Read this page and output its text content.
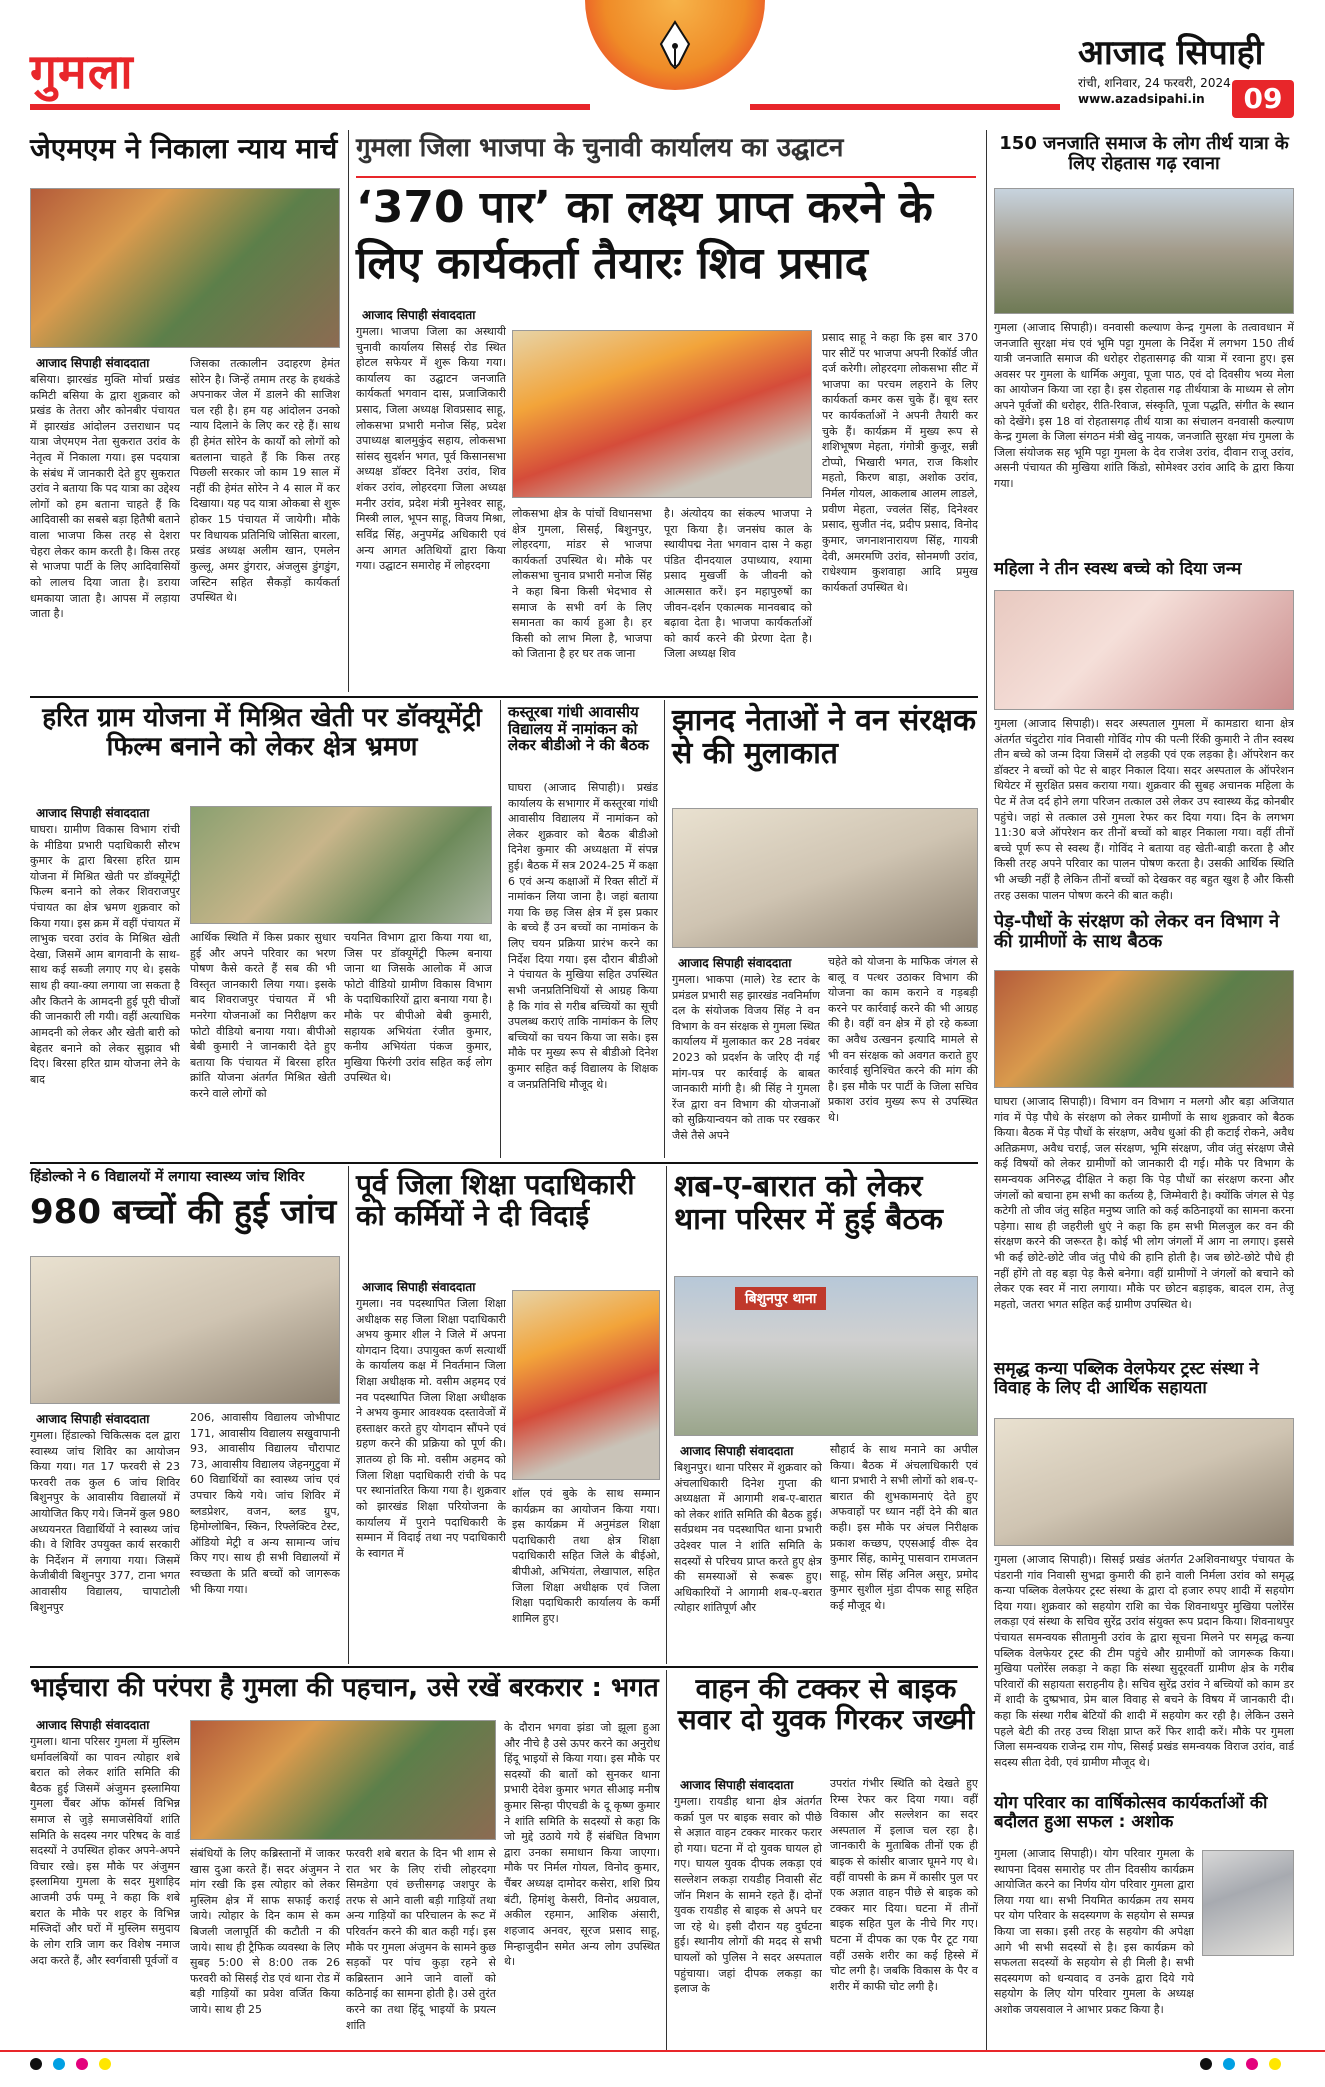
गुमला	आजाद सिपाही
रांची, शनिवार, 24 फरवरी, 2024
www.azadsipahi.in	09
जेएमएम ने निकाला न्याय मार्च
आजाद सिपाही संवाददाता
बसिया। झारखंड मुक्ति मोर्चा प्रखंड कमिटी बसिया के द्वारा शुक्रवार को प्रखंड के तेतरा और कोनबीर पंचायत में झारखंड आंदोलन उत्तराधान पद यात्रा जेएमएम नेता सुकरात उरांव के नेतृत्व में निकाला गया। इस पदयात्रा के संबंध में जानकारी देते हुए सुकरात उरांव ने बताया कि पद यात्रा का उद्देश्य लोगों को हम बताना चाहते हैं कि आदिवासी का सबसे बड़ा हितैषी बताने वाला भाजपा किस तरह से देशरा चेहरा लेकर काम करती है। किस तरह से भाजपा पार्टी के लिए आदिवासियों को लालच दिया जाता है। डराया धमकाया जाता है। आपस में लड़ाया जाता है।
जिसका तत्कालीन उदाहरण हेमंत सोरेन है। जिन्हें तमाम तरह के हथकंडे अपनाकर जेल में डालने की साजिश चल रही है। हम यह आंदोलन उनको न्याय दिलाने के लिए कर रहे हैं। साथ ही हेमंत सोरेन के कार्यों को लोगों को बतलाना चाहते हैं कि किस तरह पिछली सरकार जो काम 19 साल में नहीं की हेमंत सोरेन ने 4 साल में कर दिखाया। यह पद यात्रा ओकबा से शुरू होकर 15 पंचायत में जायेगी। मौके पर विधायक प्रतिनिधि जोसिता बारला, प्रखंड अध्यक्ष अलीम खान, एमलेन कुल्लू, अमर डुंगरार, अंजलुस डुंगडुंग, जस्टिन सहित सैकड़ों कार्यकर्ता उपस्थित थे।
गुमला जिला भाजपा के चुनावी कार्यालय का उद्घाटन
‘370 पार’ का लक्ष्य प्राप्त करने के
लिए कार्यकर्ता तैयारः शिव प्रसाद
आजाद सिपाही संवाददाता
गुमला। भाजपा जिला का अस्थायी चुनावी कार्यालय सिसई रोड स्थित होटल सफेयर में शुरू किया गया। कार्यालय का उद्घाटन जनजाति कार्यकर्ता भगवान दास, प्रजाजिकारी प्रसाद, जिला अध्यक्ष शिवप्रसाद साहू, लोकसभा प्रभारी मनोज सिंह, प्रदेश उपाध्यक्ष बालमुकुंद सहाय, लोकसभा सांसद सुदर्शन भगत, पूर्व किसानसभा अध्यक्ष डॉक्टर दिनेश उरांव, शिव शंकर उरांव, लोहरदगा जिला अध्यक्ष मनीर उरांव, प्रदेश मंत्री मुनेश्वर साहू, मिस्त्री लाल, भूपन साहू, विजय मिश्रा, सविंद्र सिंह, अनुपमेंद्र अधिकारी एवं अन्य आगत अतिथियों द्वारा किया गया। उद्घाटन समारोह में लोहरदगा
लोकसभा क्षेत्र के पांचों विधानसभा क्षेत्र गुमला, सिसई, बिशुनपुर, लोहरदगा, मांडर से भाजपा कार्यकर्ता उपस्थित थे। मौके पर लोकसभा चुनाव प्रभारी मनोज सिंह ने कहा बिना किसी भेदभाव से समाज के सभी वर्ग के लिए समानता का कार्य हुआ है। हर किसी को लाभ मिला है, भाजपा को जिताना है हर घर तक जाना
है। अंत्योदय का संकल्प भाजपा ने पूरा किया है। जनसंघ काल के स्थायीपद्म नेता भगवान दास ने कहा पंडित दीनदयाल उपाध्याय, श्यामा प्रसाद मुखर्जी के जीवनी को आत्मसात करें। इन महापुरुषों का जीवन-दर्शन एकात्मक मानवबाद को बढ़ावा देता है। भाजपा कार्यकर्ताओं को कार्य करने की प्रेरणा देता है। जिला अध्यक्ष शिव
प्रसाद साहू ने कहा कि इस बार 370 पार सीटें पर भाजपा अपनी रिकॉर्ड जीत दर्ज करेगी। लोहरदगा लोकसभा सीट में भाजपा का परचम लहराने के लिए कार्यकर्ता कमर कस चुके हैं। बूथ स्तर पर कार्यकर्ताओं ने अपनी तैयारी कर चुके हैं। कार्यक्रम में मुख्य रूप से शशिभूषण मेहता, गंगोत्री कुजूर, सन्नी टोप्पो, भिखारी भगत, राज किशोर महतो, किरण बाड़ा, अशोक उरांव, निर्मल गोयल, आकलाब आलम लाडले, प्रवीण मेहता, ज्वलंत सिंह, दिनेश्वर प्रसाद, सुजीत नंद, प्रदीप प्रसाद, विनोद कुमार, जगनाशनारायण सिंह, गायत्री देवी, अमरमणि उरांव, सोनमणी उरांव, राधेश्याम कुशवाहा आदि प्रमुख कार्यकर्ता उपस्थित थे।
150 जनजाति समाज के लोग तीर्थ यात्रा के लिए रोहतास गढ़ रवाना
गुमला (आजाद सिपाही)। वनवासी कल्याण केन्द्र गुमला के तत्वावधान में जनजाति सुरक्षा मंच एवं भूमि पट्टा गुमला के निर्देश में लगभग 150 तीर्थ यात्री जनजाति समाज की धरोहर रोहतासगढ़ की यात्रा में रवाना हुए। इस अवसर पर गुमला के धार्मिक अगुवा, पूजा पाठ, एवं दो दिवसीय भव्य मेला का आयोजन किया जा रहा है। इस रोहतास गढ़ तीर्थयात्रा के माध्यम से लोग अपने पूर्वजों की धरोहर, रीति-रिवाज, संस्कृति, पूजा पद्धति, संगीत के स्थान को देखेंगे। इस 18 वां रोहतासगढ़ तीर्थ यात्रा का संचालन वनवासी कल्याण केन्द्र गुमला के जिला संगठन मंत्री खेदु नायक, जनजाति सुरक्षा मंच गुमला के जिला संयोजक सह भूमि पट्टा गुमला के देव राजेश उरांव, दीवान राजू उरांव, असनी पंचायत की मुखिया शांति किंडो, सोमेश्वर उरांव आदि के द्वारा किया गया।
महिला ने तीन स्वस्थ बच्चे को दिया जन्म
गुमला (आजाद सिपाही)। सदर अस्पताल गुमला में कामडारा थाना क्षेत्र अंतर्गत चंदुटोरा गांव निवासी गोविंद गोप की पत्नी रिंकी कुमारी ने तीन स्वस्थ तीन बच्चे को जन्म दिया जिसमें दो लड़की एवं एक लड़का है। ऑपरेशन कर डॉक्टर ने बच्चों को पेट से बाहर निकाल दिया। सदर अस्पताल के ऑपरेशन थियेटर में सुरक्षित प्रसव कराया गया। शुक्रवार की सुबह अचानक महिला के पेट में तेज दर्द होने लगा परिजन तत्काल उसे लेकर उप स्वास्थ्य केंद्र कोनबीर पहुंचे। जहां से तत्काल उसे गुमला रेफर कर दिया गया। दिन के लगभग 11:30 बजे ऑपरेशन कर तीनों बच्चों को बाहर निकाला गया। वहीं तीनों बच्चे पूर्ण रूप से स्वस्थ हैं। गोविंद ने बताया वह खेती-बाड़ी करता है और किसी तरह अपने परिवार का पालन पोषण करता है। उसकी आर्थिक स्थिति भी अच्छी नहीं है लेकिन तीनों बच्चों को देखकर वह बहुत खुश है और किसी तरह उसका पालन पोषण करने की बात कही।
पेड़-पौधों के संरक्षण को लेकर वन विभाग ने की ग्रामीणों के साथ बैठक
घाघरा (आजाद सिपाही)। विभाग वन विभाग न मलगो और बड़ा अजियात गांव में पेड़ पौधे के संरक्षण को लेकर ग्रामीणों के साथ शुक्रवार को बैठक किया। बैठक में पेड़ पौधों के संरक्षण, अवैध धुआं की ही कटाई रोकने, अवैध अतिक्रमण, अवैध चराई, जल संरक्षण, भूमि संरक्षण, जीव जंतु संरक्षण जैसे कई विषयों को लेकर ग्रामीणों को जानकारी दी गई। मौके पर विभाग के समन्वयक अनिरुद्ध दीक्षित ने कहा कि पेड़ पौधों का संरक्षण करना और जंगलों को बचाना हम सभी का कर्तव्य है, जिम्मेवारी है। क्योंकि जंगल से पेड़ कटेगी तो जीव जंतु सहित मनुष्य जाति को कई कठिनाइयों का सामना करना पड़ेगा। साथ ही जहरीली धुएं ने कहा कि हम सभी मिलजुल कर वन की संरक्षण करने की जरूरत है। कोई भी लोग जंगलों में आग ना लगाए। इससे भी कई छोटे-छोटे जीव जंतु पौधे की हानि होती है। जब छोटे-छोटे पौधे ही नहीं होंगे तो वह बड़ा पेड़ कैसे बनेगा। वहीं ग्रामीणों ने जंगलों को बचाने को लेकर एक स्वर में नारा लगाया। मौके पर छोटन बड़ाइक, बादल राम, तेजू महतो, जतरा भगत सहित कई ग्रामीण उपस्थित थे।
समृद्ध कन्या पब्लिक वेलफेयर ट्रस्ट संस्था ने विवाह के लिए दी आर्थिक सहायता
गुमला (आजाद सिपाही)। सिसई प्रखंड अंतर्गत 2अशिवनाथपुर पंचायत के पंडरानी गांव निवासी सुभद्रा कुमारी की हाने वाली निर्मला उरांव को समृद्ध कन्या पब्लिक वेलफेयर ट्रस्ट संस्था के द्वारा दो हजार रुपए शादी में सहयोग दिया गया। शुक्रवार को सहयोग राशि का चेक शिवनाथपुर मुखिया पलोरेंस लकड़ा एवं संस्था के सचिव सुरेंद्र उरांव संयुक्त रूप प्रदान किया। शिवनाथपुर पंचायत समन्वयक सीतामुनी उरांव के द्वारा सूचना मिलने पर समृद्ध कन्या पब्लिक वेलफेयर ट्रस्ट की टीम पहुंचे और ग्रामीणों को जागरूक किया। मुखिया पलोरेंस लकड़ा ने कहा कि संस्था सुदूरवर्ती ग्रामीण क्षेत्र के गरीब परिवारों की सहायता सराहनीय है। सचिव सुरेंद्र उरांव ने बच्चियों को काम डर में शादी के दुष्प्रभाव, प्रेम बाल विवाह से बचने के विषय में जानकारी दी। कहा कि संस्था गरीब बेटियों की शादी में सहयोग कर रही है। लेकिन उसने पहले बेटी की तरह उच्च शिक्षा प्राप्त करें फिर शादी करें। मौके पर गुमला जिला समन्वयक राजेन्द्र राम गोप, सिसई प्रखंड समन्वयक विराज उरांव, वार्ड सदस्य सीता देवी, एवं ग्रामीण मौजूद थे।
योग परिवार का वार्षिकोत्सव कार्यकर्ताओं की बदौलत हुआ सफल : अशोक
गुमला (आजाद सिपाही)। योग परिवार गुमला के स्थापना दिवस समारोह पर तीन दिवसीय कार्यक्रम आयोजित करने का निर्णय योग परिवार गुमला द्वारा लिया गया था। सभी नियमित कार्यक्रम तय समय पर योग परिवार के सदस्यगण के सहयोग से सम्पन्न किया जा सका। इसी तरह के सहयोग की अपेक्षा आगे भी सभी सदस्यों से है। इस कार्यक्रम को सफलता सदस्यों के सहयोग से ही मिली है। सभी सदस्यगण को धन्यवाद व उनके द्वारा दिये गये सहयोग के लिए योग परिवार गुमला के अध्यक्ष अशोक जयसवाल ने आभार प्रकट किया है।
हरित ग्राम योजना में मिश्रित खेती पर डॉक्यूमेंट्री फिल्म बनाने को लेकर क्षेत्र भ्रमण
आजाद सिपाही संवाददाता
घाघरा। ग्रामीण विकास विभाग रांची के मीडिया प्रभारी पदाधिकारी सौरभ कुमार के द्वारा बिरसा हरित ग्राम योजना में मिश्रित खेती पर डॉक्यूमेंट्री फिल्म बनाने को लेकर शिवराजपुर पंचायत का क्षेत्र भ्रमण शुक्रवार को किया गया। इस क्रम में वहीं पंचायत में लाभुक चरवा उरांव के मिश्रित खेती देखा, जिसमें आम बागवानी के साथ-साथ कई सब्जी लगाए गए थे। इसके साथ ही क्या-क्या लगाया जा सकता है और कितने के आमदनी हुई पूरी चीजों की जानकारी ली गयी। वहीं अत्याधिक आमदनी को लेकर और खेती बारी को बेहतर बनाने को लेकर सुझाव भी दिए। बिरसा हरित ग्राम योजना लेने के बाद
आर्थिक स्थिति में किस प्रकार सुधार हुई और अपने परिवार का भरण पोषण कैसे करते हैं सब की भी विस्तृत जानकारी लिया गया। इसके बाद शिवराजपुर पंचायत में भी मनरेगा योजनाओं का निरीक्षण कर फोटो वीडियो बनाया गया। बीपीओ बेबी कुमारी ने जानकारी देते हुए बताया कि पंचायत में बिरसा हरित क्रांति योजना अंतर्गत मिश्रित खेती करने वाले लोगों को
चयनित विभाग द्वारा किया गया था, जिस पर डॉक्यूमेंट्री फिल्म बनाया जाना था जिसके आलोक में आज फोटो वीडियो ग्रामीण विकास विभाग के पदाधिकारियों द्वारा बनाया गया है। मौके पर बीपीओ बेबी कुमारी, सहायक अभियंता रंजीत कुमार, कनीय अभियंता पंकज कुमार, मुखिया फिरंगी उरांव सहित कई लोग उपस्थित थे।
कस्तूरबा गांधी आवासीय विद्यालय में नामांकन को लेकर बीडीओ ने की बैठक
घाघरा (आजाद सिपाही)। प्रखंड कार्यालय के सभागार में कस्तूरबा गांधी आवासीय विद्यालय में नामांकन को लेकर शुक्रवार को बैठक बीडीओ दिनेश कुमार की अध्यक्षता में संपन्न हुई। बैठक में सत्र 2024-25 में कक्षा 6 एवं अन्य कक्षाओं में रिक्त सीटों में नामांकन लिया जाना है। जहां बताया गया कि छह जिस क्षेत्र में इस प्रकार के बच्चे हैं उन बच्चों का नामांकन के लिए चयन प्रक्रिया प्रारंभ करने का निर्देश दिया गया। इस दौरान बीडीओ ने पंचायत के मुखिया सहित उपस्थित सभी जनप्रतिनिधियों से आग्रह किया है कि गांव से गरीब बच्चियों का सूची उपलब्ध कराएं ताकि नामांकन के लिए बच्चियों का चयन किया जा सके। इस मौके पर मुख्य रूप से बीडीओ दिनेश कुमार सहित कई विद्यालय के शिक्षक व जनप्रतिनिधि मौजूद थे।
झानद नेताओं ने वन संरक्षक से की मुलाकात
आजाद सिपाही संवाददाता
गुमला। भाकपा (माले) रेड स्टार के प्रमंडल प्रभारी सह झारखंड नवनिर्माण दल के संयोजक विजय सिंह ने वन विभाग के वन संरक्षक से गुमला स्थित कार्यालय में मुलाकात कर 28 नवंबर 2023 को प्रदर्शन के जरिए दी गई मांग-पत्र पर कार्रवाई के बाबत जानकारी मांगी है। श्री सिंह ने गुमला रेंज द्वारा वन विभाग की योजनाओं को सुक्रियान्वयन को ताक पर रखकर जैसे तैसे अपने
चहेते को योजना के माफिक जंगल से बालू व पत्थर उठाकर विभाग की योजना का काम कराने व गड़बड़ी करने पर कार्रवाई करने की भी आग्रह की है। वहीं वन क्षेत्र में हो रहे कब्जा का अवैध उत्खनन इत्यादि मामले से भी वन संरक्षक को अवगत कराते हुए कार्रवाई सुनिश्चित करने की मांग की है। इस मौके पर पार्टी के जिला सचिव प्रकाश उरांव मुख्य रूप से उपस्थित थे।
हिंडोल्को ने 6 विद्यालयों में लगाया स्वास्थ्य जांच शिविर
980 बच्चों की हुई जांच
आजाद सिपाही संवाददाता
गुमला। हिंडाल्को चिकित्सक दल द्वारा स्वास्थ्य जांच शिविर का आयोजन किया गया। गत 17 फरवरी से 23 फरवरी तक कुल 6 जांच शिविर बिशुनपुर के आवासीय विद्यालयों में आयोजित किए गये। जिनमें कुल 980 अध्ययनरत विद्यार्थियों ने स्वास्थ्य जांच की। वे शिविर उपयुक्त कार्य सरकारी के निर्देशन में लगाया गया। जिसमें केजीबीवी बिशुनपुर 377, टाना भगत आवासीय विद्यालय, चापाटोली बिशुनपुर
206, आवासीय विद्यालय जोभीपाट 171, आवासीय विद्यालय सखुवापानी 93, आवासीय विद्यालय चौरापाट 73, आवासीय विद्यालय जेहनगुटुवा में 60 विद्यार्थियों का स्वास्थ्य जांच एवं उपचार किये गये। जांच शिविर में ब्लडप्रेशर, वजन, ब्लड ग्रुप, हिमोग्लोबिन, स्किन, रिफ्लेक्टिव टेस्ट, ऑडियो मेट्री व अन्य सामान्य जांच किए गए। साथ ही सभी विद्यालयों में स्वच्छता के प्रति बच्चों को जागरूक भी किया गया।
पूर्व जिला शिक्षा पदाधिकारी को कर्मियों ने दी विदाई
आजाद सिपाही संवाददाता
गुमला। नव पदस्थापित जिला शिक्षा अधीक्षक सह जिला शिक्षा पदाधिकारी अभय कुमार शील ने जिले में अपना योगदान दिया। उपायुक्त कर्ण सत्यार्थी के कार्यालय कक्ष में निवर्तमान जिला शिक्षा अधीक्षक मो. वसीम अहमद एवं नव पदस्थापित जिला शिक्षा अधीक्षक ने अभय कुमार आवश्यक दस्तावेजों में हस्ताक्षर करते हुए योगदान सौंपने एवं ग्रहण करने की प्रक्रिया को पूर्ण की। ज्ञातव्य हो कि मो. वसीम अहमद को जिला शिक्षा पदाधिकारी रांची के पद पर स्थानांतरित किया गया है। शुक्रवार को झारखंड शिक्षा परियोजना के कार्यालय में पुराने पदाधिकारी के सम्मान में विदाई तथा नए पदाधिकारी के स्वागत में
शॉल एवं बुके के साथ सम्मान कार्यक्रम का आयोजन किया गया। इस कार्यक्रम में अनुमंडल शिक्षा पदाधिकारी तथा क्षेत्र शिक्षा पदाधिकारी सहित जिले के बीईओ, बीपीओ, अभियंता, लेखापाल, सहित जिला शिक्षा अधीक्षक एवं जिला शिक्षा पदाधिकारी कार्यालय के कर्मी शामिल हुए।
शब-ए-बारात को लेकर थाना परिसर में हुई बैठक
बिशुनपुर थाना
आजाद सिपाही संवाददाता
बिशुनपुर। थाना परिसर में शुक्रवार को अंचलाधिकारी दिनेश गुप्ता की अध्यक्षता में आगामी शब-ए-बारात को लेकर शांति समिति की बैठक हुई। सर्वप्रथम नव पदस्थापित थाना प्रभारी उदेश्वर पाल ने शांति समिति के सदस्यों से परिचय प्राप्त करते हुए क्षेत्र की समस्याओं से रूबरू हुए। अधिकारियों ने आगामी शब-ए-बरात त्योहार शांतिपूर्ण और
सौहार्द के साथ मनाने का अपील किया। बैठक में अंचलाधिकारी एवं थाना प्रभारी ने सभी लोगों को शब-ए-बारात की शुभकामनाएं देते हुए अफवाहों पर ध्यान नहीं देने की बात कही। इस मौके पर अंचल निरीक्षक प्रकाश कच्छप, एएसआई वीरू देव कुमार सिंह, कामेनू पासवान रामजतन साहू, सोम सिंह अनिल असुर, प्रमोद कुमार सुशील मुंडा दीपक साहू सहित कई मौजूद थे।
भाईचारा की परंपरा है गुमला की पहचान, उसे रखें बरकरार : भगत
आजाद सिपाही संवाददाता
गुमला। थाना परिसर गुमला में मुस्लिम धर्मावलंबियों का पावन त्योहार शबे बरात को लेकर शांति समिति की बैठक हुई जिसमें अंजुमन इस्लामिया गुमला चैंबर ऑफ कॉमर्स विभिन्न समाज से जुड़े समाजसेवियों शांति समिति के सदस्य नगर परिषद के वार्ड सदस्यों ने उपस्थित होकर अपने-अपने विचार रखे। इस मौके पर अंजुमन इस्लामिया गुमला के सदर मुशाहिद आजमी उर्फ पम्मू ने कहा कि शबे बरात के मौके पर शहर के विभिन्न मस्जिदों और घरों में मुस्लिम समुदाय के लोग रात्रि जाग कर विशेष नमाज अदा करते हैं, और स्वर्गवासी पूर्वजों व
संबंधियों के लिए कब्रिस्तानों में जाकर खास दुआ करते हैं। सदर अंजुमन ने मांग रखी कि इस त्योहार को लेकर मुस्लिम क्षेत्र में साफ सफाई कराई जाये। त्योहार के दिन काम से कम बिजली जलापूर्ति की कटौती न की जाये। साथ ही ट्रैफिक व्यवस्था के लिए सुबह 5:00 से 8:00 तक 26 फरवरी को सिसई रोड एवं थाना रोड में बड़ी गाड़ियों का प्रवेश वर्जित किया जाये। साथ ही 25
फरवरी शबे बरात के दिन भी शाम से रात भर के लिए रांची लोहरदगा सिमडेगा एवं छत्तीसगढ़ जशपुर के तरफ से आने वाली बड़ी गाड़ियों तथा अन्य गाड़ियों का परिचालन के रूट में परिवर्तन करने की बात कही गई। इस मौके पर गुमला अंजुमन के सामने कुछ सड़कों पर पांच कुड़ा रहने से कब्रिस्तान आने जाने वालों को कठिनाई का सामना होती है। उसे तुरंत करने का तथा हिंदू भाइयों के प्रयत्न शांति
के दौरान भगवा झंडा जो झूला हुआ और नीचे है उसे ऊपर करने का अनुरोध हिंदू भाइयों से किया गया। इस मौके पर सदस्यों की बातों को सुनकर थाना प्रभारी देवेश कुमार भगत सीआइ मनीष कुमार सिन्हा पीएचडी के दू कृष्ण कुमार ने शांति समिति के सदस्यों से कहा कि जो मुद्दे उठाये गये हैं संबंधित विभाग द्वारा उनका समाधान किया जाएगा। मौके पर निर्मल गोयल, विनोद कुमार, चैंबर अध्यक्ष दामोदर कसेरा, शशि प्रिय बंटी, हिमांशु केसरी, विनोद अग्रवाल, अकील रहमान, आशिक अंसारी, शहजाद अनवर, सूरज प्रसाद साहू, मिन्हाजुदीन समेत अन्य लोग उपस्थित थे।
वाहन की टक्कर से बाइक सवार दो युवक गिरकर जख्मी
आजाद सिपाही संवाददाता
गुमला। रायडीह थाना क्षेत्र अंतर्गत कर्क्रा पुल पर बाइक सवार को पीछे से अज्ञात वाहन टक्कर मारकर फरार हो गया। घटना में दो युवक घायल हो गए। घायल युवक दीपक लकड़ा एवं सल्लेशन लकड़ा रायडीह निवासी सेंट जॉन मिशन के सामने रहते हैं। दोनों युवक रायडीह से बाइक से अपने घर जा रहे थे। इसी दौरान यह दुर्घटना हुई। स्थानीय लोगों की मदद से सभी घायलों को पुलिस ने सदर अस्पताल पहुंचाया। जहां दीपक लकड़ा का इलाज के
उपरांत गंभीर स्थिति को देखते हुए रिम्स रेफर कर दिया गया। वहीं विकास और सल्लेशन का सदर अस्पताल में इलाज चल रहा है। जानकारी के मुताबिक तीनों एक ही बाइक से कांसीर बाजार घूमने गए थे। वहीं वापसी के क्रम में कासीर पुल पर एक अज्ञात वाहन पीछे से बाइक को टक्कर मार दिया। घटना में तीनों बाइक सहित पुल के नीचे गिर गए। घटना में दीपक का एक पैर टूट गया वहीं उसके शरीर का कई हिस्से में चोट लगी है। जबकि विकास के पैर व शरीर में काफी चोट लगी है।
